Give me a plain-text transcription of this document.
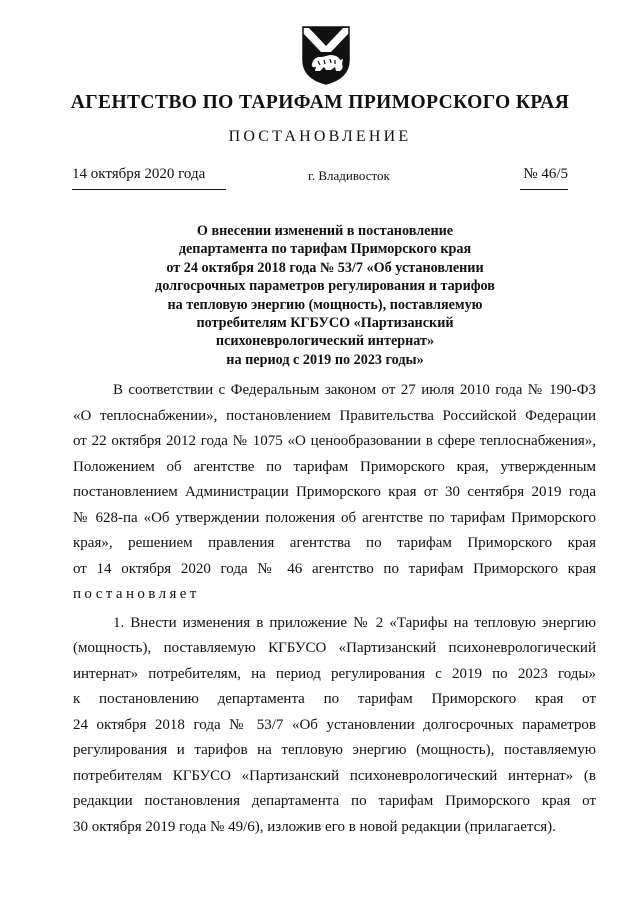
АГЕНТСТВО ПО ТАРИФАМ ПРИМОРСКОГО КРАЯ
ПОСТАНОВЛЕНИЕ
14 октября 2020 года	г. Владивосток	№ 46/5
О внесении изменений в постановление
департамента по тарифам Приморского края
от 24 октября 2018 года № 53/7 «Об установлении
долгосрочных параметров регулирования и тарифов
на тепловую энергию (мощность), поставляемую
потребителям КГБУСО «Партизанский
психоневрологический интернат»
на период с 2019 по 2023 годы»
В соответствии с Федеральным законом от 27 июля 2010 года № 190-ФЗ
«О теплоснабжении», постановлением Правительства Российской Федерации
от 22 октября 2012 года № 1075 «О ценообразовании в сфере теплоснабжения»,
Положением об агентстве по тарифам Приморского края, утвержденным
постановлением Администрации Приморского края от 30 сентября 2019 года
№ 628-па «Об утверждении положения об агентстве по тарифам Приморского
края», решением правления агентства по тарифам Приморского края
от 14 октября 2020 года № 46 агентство по тарифам Приморского края
постановляет
1. Внести изменения в приложение № 2 «Тарифы на тепловую энергию
(мощность), поставляемую КГБУСО «Партизанский психоневрологический
интернат» потребителям, на период регулирования с 2019 по 2023 годы»
к постановлению департамента по тарифам Приморского края от
24 октября 2018 года № 53/7 «Об установлении долгосрочных параметров
регулирования и тарифов на тепловую энергию (мощность), поставляемую
потребителям КГБУСО «Партизанский психоневрологический интернат» (в
редакции постановления департамента по тарифам Приморского края от
30 октября 2019 года № 49/6), изложив его в новой редакции (прилагается).
